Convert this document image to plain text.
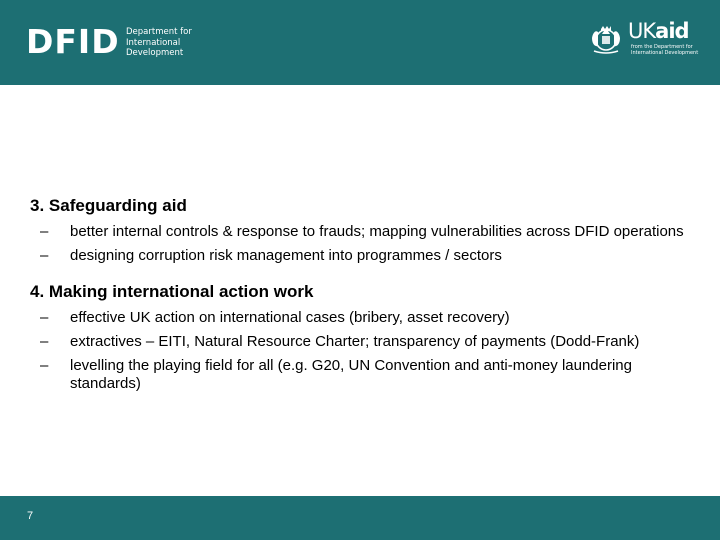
DFID Department for
International
Development
UKaid
from the Department for
International Development

3. Safeguarding aid

– better internal controls & response to frauds; mapping vulnerabilities across DFID operations
– designing corruption risk management into programmes / sectors

4. Making international action work

– effective UK action on international cases (bribery, asset recovery)
– extractives – EITI, Natural Resource Charter; transparency of payments (Dodd-Frank)
– levelling the playing field for all (e.g. G20, UN Convention and anti-money laundering standards)
7
